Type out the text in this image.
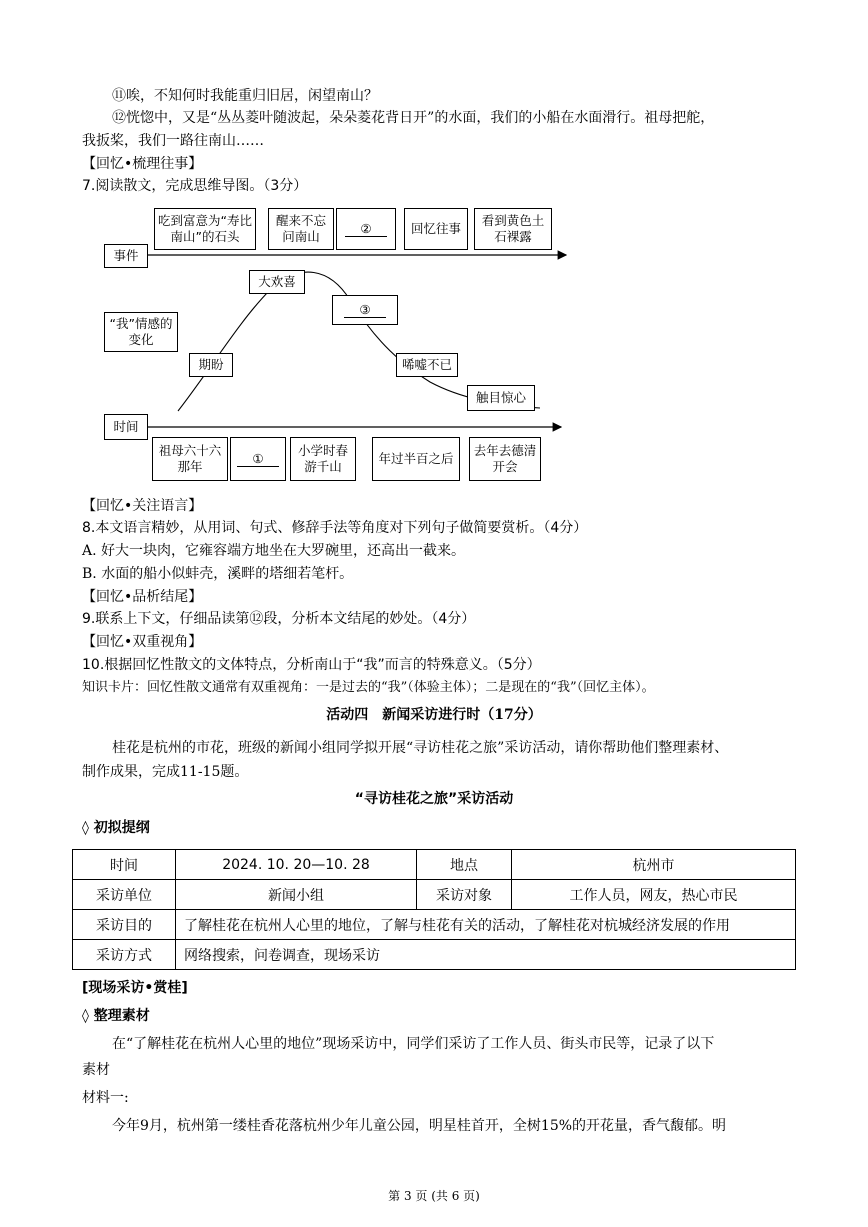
⑪唉，不知何时我能重归旧居，闲望南山？
⑫恍惚中，又是“丛丛菱叶随波起，朵朵菱花背日开”的水面，我们的小船在水面滑行。祖母把舵，
我扳桨，我们一路往南山……
【回忆•梳理往事】
7.阅读散文，完成思维导图。（3分）
事件
吃到富意为“寿比南山”的石头
醒来不忘问南山
②	回忆往事
看到黄色土石裸露
“我”情感的变化
期盼
大欢喜
③
唏嘘不已
触目惊心
时间
祖母六十六那年
①	小学时春游千山
年过半百之后
去年去德清开会
【回忆•关注语言】
8.本文语言精妙，从用词、句式、修辞手法等角度对下列句子做简要赏析。（4分）
A. 好大一块肉，它雍容端方地坐在大罗碗里，还高出一截来。
B. 水面的船小似蚌壳，溪畔的塔细若笔杆。
【回忆•品析结尾】
9.联系上下文，仔细品读第⑫段，分析本文结尾的妙处。（4分）
【回忆•双重视角】
10.根据回忆性散文的文体特点，分析南山于“我”而言的特殊意义。（5分）
知识卡片：回忆性散文通常有双重视角：一是过去的“我”（体验主体）；二是现在的“我”（回忆主体）。
活动四　新闻采访进行时（17分）
桂花是杭州的市花，班级的新闻小组同学拟开展“寻访桂花之旅”采访活动，请你帮助他们整理素材、
制作成果，完成11-15题。
“寻访桂花之旅”采访活动
◊ 初拟提纲
时间	2024. 10. 20—10. 28	地点	杭州市
采访单位	新闻小组	采访对象	工作人员，网友，热心市民
采访目的	了解桂花在杭州人心里的地位，了解与桂花有关的活动，了解桂花对杭城经济发展的作用		
采访方式	网络搜索，问卷调查，现场采访		
[现场采访•赏桂]
◊ 整理素材
在“了解桂花在杭州人心里的地位”现场采访中，同学们采访了工作人员、街头市民等，记录了以下
素材
材料一:
今年9月，杭州第一缕桂香花落杭州少年儿童公园，明星桂首开，全树15%的开花量，香气馥郁。明
第 3 页 (共 6 页)
